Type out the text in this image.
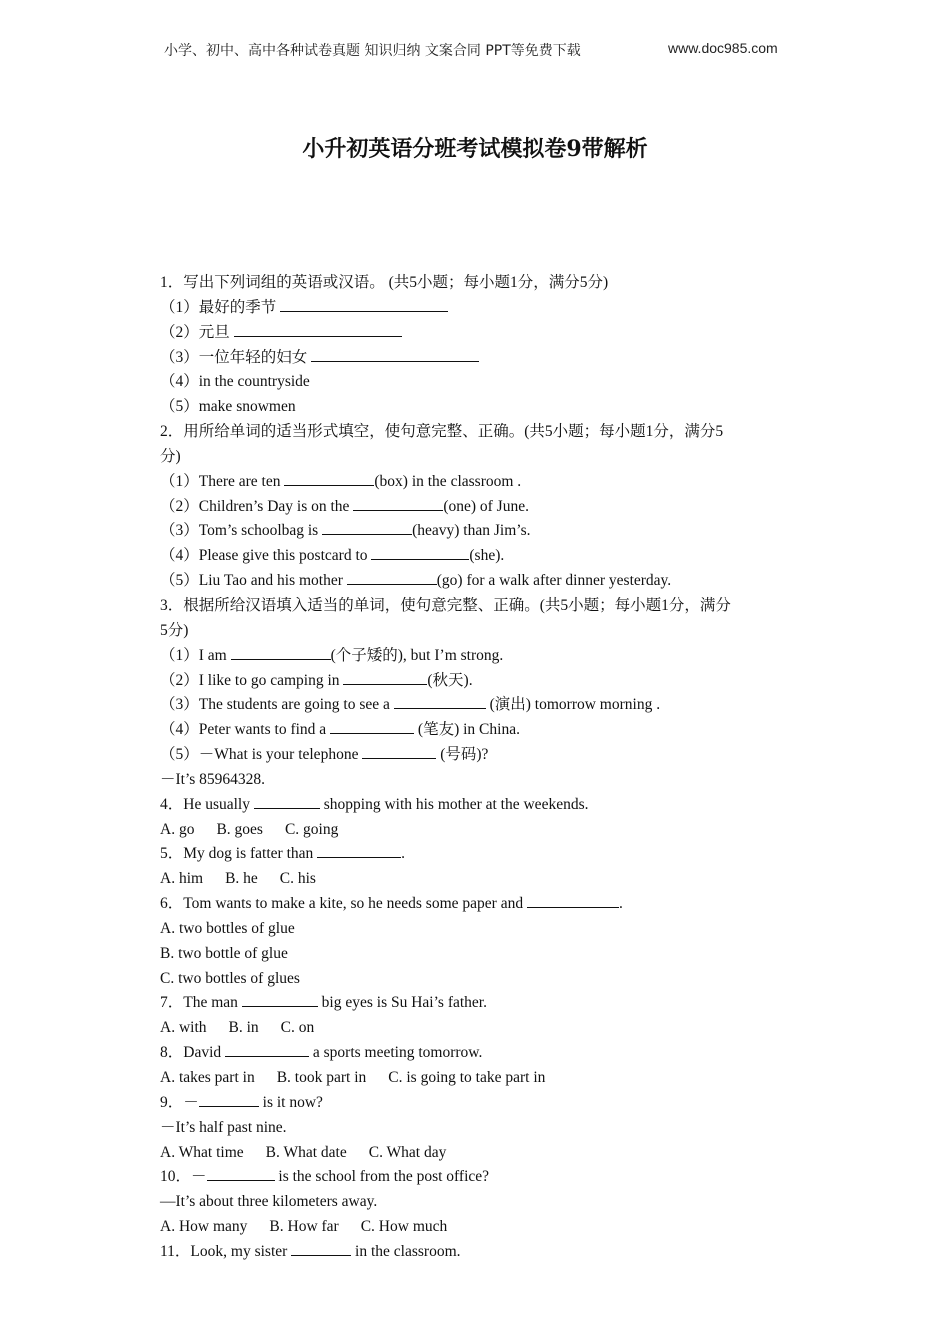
小学、初中、高中各种试卷真题 知识归纳 文案合同 PPT等免费下载	www.doc985.com
小升初英语分班考试模拟卷9带解析
1．写出下列词组的英语或汉语。 (共5小题；每小题1分，满分5分)
（1）最好的季节
（2）元旦
（3）一位年轻的妇女
（4）in the countryside
（5）make snowmen
2．用所给单词的适当形式填空，使句意完整、正确。(共5小题；每小题1分，满分5
分)
（1）There are ten	(box) in the classroom .
（2）Children’s Day is on the	(one) of June.
（3）Tom’s schoolbag is	(heavy) than Jim’s.
（4）Please give this postcard to	(she).
（5）Liu Tao and his mother	(go) for a walk after dinner yesterday.
3．根据所给汉语填入适当的单词，使句意完整、正确。(共5小题；每小题1分，满分
5分)
（1）I am	(个子矮的), but I’m strong.
（2）I like to go camping in	(秋天).
（3）The students are going to see a	(演出) tomorrow morning .
（4）Peter wants to find a	(笔友) in China.
（5）－What is your telephone	(号码)?
－It’s 85964328.
4．He usually	shopping with his mother at the weekends.
A. go B. goes C. going
5．My dog is fatter than	.
A. him B. he C. his
6．Tom wants to make a kite, so he needs some paper and	.
A. two bottles of glue
B. two bottle of glue
C. two bottles of glues
7．The man	big eyes is Su Hai’s father.
A. with B. in C. on
8．David	a sports meeting tomorrow.
A. takes part in B. took part in C. is going to take part in
9．－	is it now?
－It’s half past nine.
A. What time B. What date C. What day
10．－	is the school from the post office?
—It’s about three kilometers away.
A. How many B. How far C. How much
11．Look, my sister	in the classroom.
